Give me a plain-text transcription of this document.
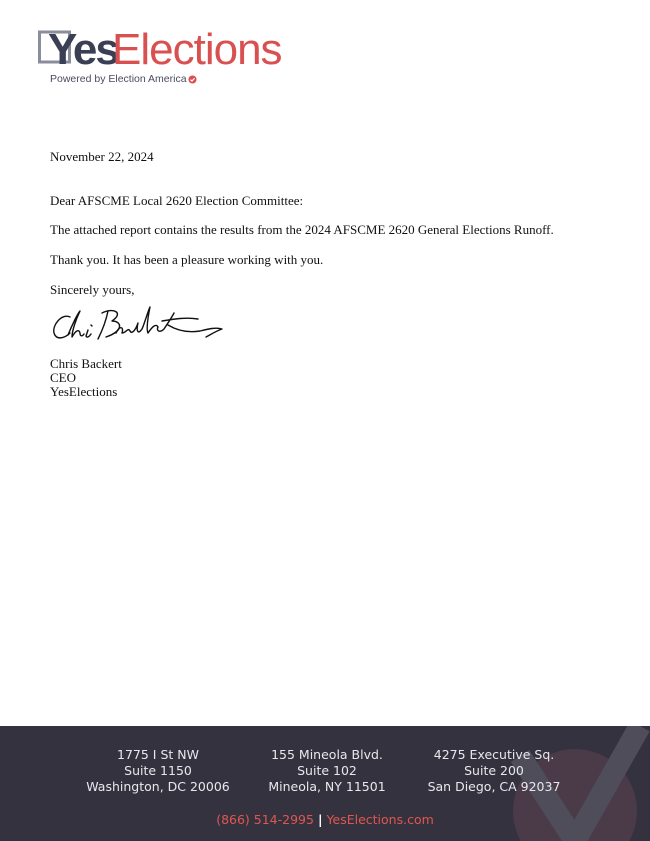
Yes
Elections
Powered by Election America
November 22, 2024
Dear AFSCME Local 2620 Election Committee:
The attached report contains the results from the 2024 AFSCME 2620 General Elections Runoff.
Thank you. It has been a pleasure working with you.
Sincerely yours,
Chris Backert
CEO
YesElections
1775 I St NW
Suite 1150
Washington, DC 20006
155 Mineola Blvd.
Suite 102
Mineola, NY 11501
4275 Executive Sq.
Suite 200
San Diego, CA 92037
(866) 514-2995 | YesElections.com
